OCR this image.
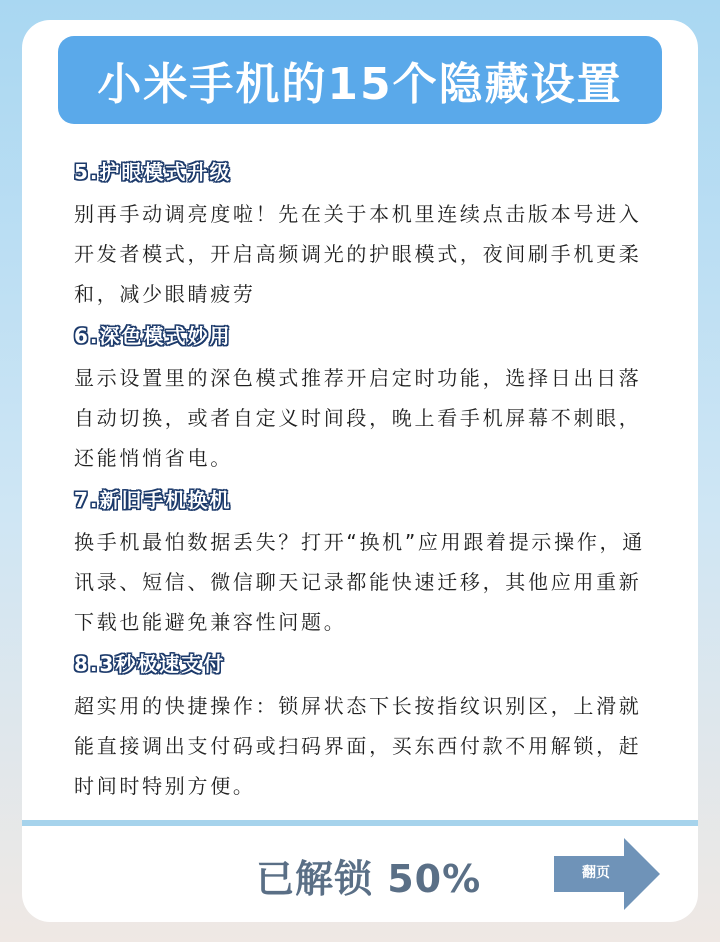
小米手机的15个隐藏设置
5.护眼模式升级
别再手动调亮度啦！先在关于本机里连续点击版本号进入开发者模式，开启高频调光的护眼模式，夜间刷手机更柔和，减少眼睛疲劳
6.深色模式妙用
显示设置里的深色模式推荐开启定时功能，选择日出日落自动切换，或者自定义时间段，晚上看手机屏幕不刺眼，还能悄悄省电。
7.新旧手机换机
换手机最怕数据丢失？打开“换机”应用跟着提示操作，通讯录、短信、微信聊天记录都能快速迁移，其他应用重新下载也能避免兼容性问题。
8.3秒极速支付
超实用的快捷操作：锁屏状态下长按指纹识别区，上滑就能直接调出支付码或扫码界面，买东西付款不用解锁，赶时间时特别方便。
已解锁 50%	翻页
